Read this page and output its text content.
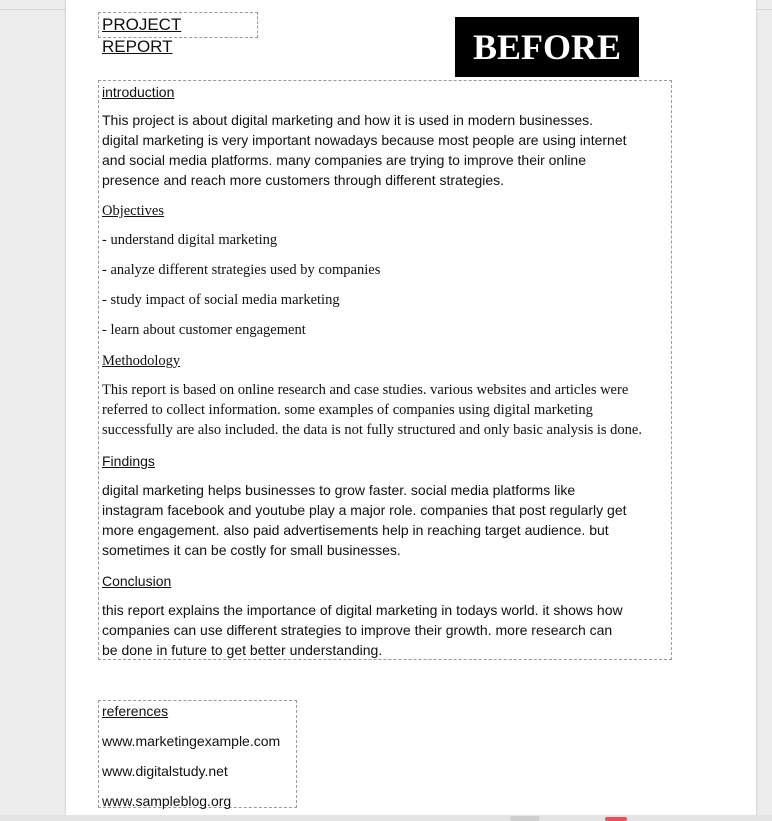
PROJECT REPORT	BEFORE
introduction
This project is about digital marketing and how it is used in modern businesses.
digital marketing is very important nowadays because most people are using internet
and social media platforms. many companies are trying to improve their online
presence and reach more customers through different strategies.
Objectives
- understand digital marketing
- analyze different strategies used by companies
- study impact of social media marketing
- learn about customer engagement
Methodology
This report is based on online research and case studies. various websites and articles were
referred to collect information. some examples of companies using digital marketing
successfully are also included. the data is not fully structured and only basic analysis is done.
Findings
digital marketing helps businesses to grow faster. social media platforms like
instagram facebook and youtube play a major role. companies that post regularly get
more engagement. also paid advertisements help in reaching target audience. but
sometimes it can be costly for small businesses.
Conclusion
this report explains the importance of digital marketing in todays world. it shows how
companies can use different strategies to improve their growth. more research can
be done in future to get better understanding.
references
www.marketingexample.com
www.digitalstudy.net
www.sampleblog.org
